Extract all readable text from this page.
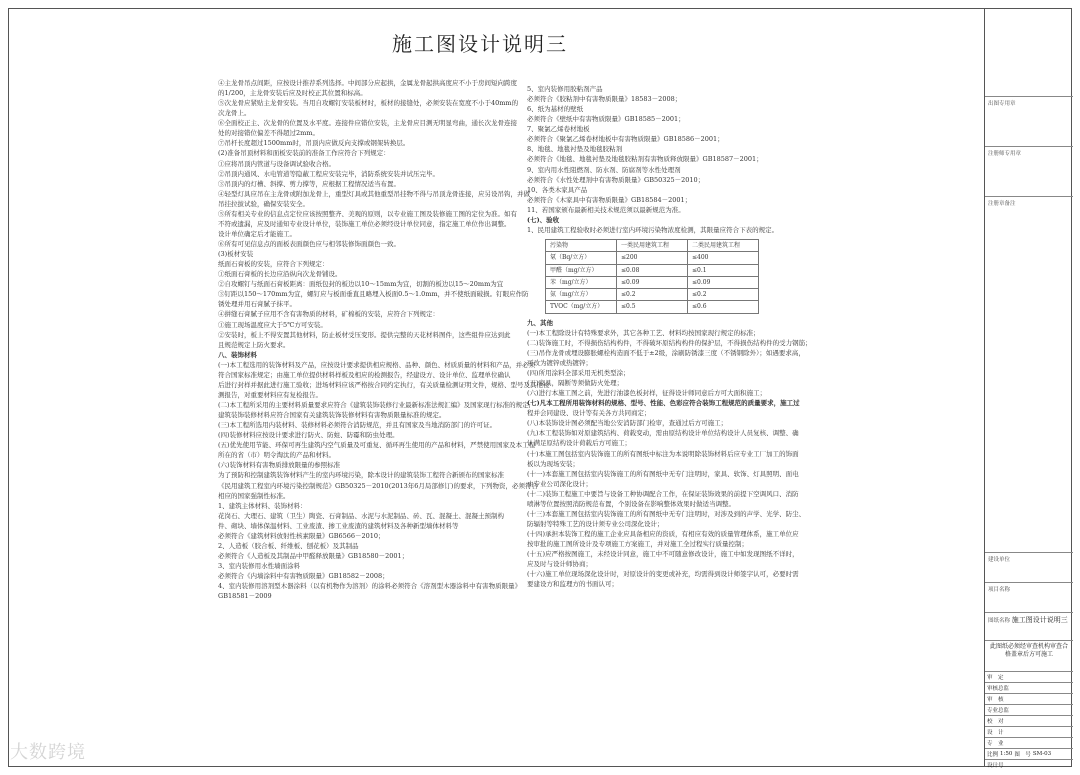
施工图设计说明三

④主龙骨吊点间距，应按设计推荐系列选择。中间部分应起拱，金属龙骨起拱高度应不小于房间短向跨度

的1/200，主龙骨安装后应及时校正其位置和标高。

⑤次龙骨应紧贴主龙骨安装。当用自攻螺钉安装板材时，板材的接缝处，必须安装在宽度不小于40mm的

次龙骨上。

⑥全面校正主、次龙骨的位置及水平度。连接件应错位安装，主龙骨应目测无明显弯曲，通长次龙骨连接

处的对接错位偏差不得超过2mm。

⑦吊杆长度超过1500mm时，吊顶内应做反向支撑或钢架转换层。

(2)准备吊顶材料和面板安装前的准备工作应符合下列规定：

①应将吊顶内管道与设备调试验收合格。

②吊顶内通风、水电管道等隐蔽工程应安装完毕，消防系统安装并试压完毕。

③吊顶内的灯槽、斜撑、剪力撑等，应根据工程情况适当布置。

④轻型灯具应吊在主龙骨或附加龙骨上，重型灯具或其他重型吊挂物不得与吊顶龙骨连接，应另设吊钩，并做

吊挂拉拔试验，确保安装安全。

⑤所有相关专业的信息点定位应该按照整齐、美观的原则，以专业施工图及装修施工图的定位为准。如有

不符或遗漏，应及时通知专业设计单位，装饰施工单位必须经设计单位同意，指定施工单位作出调整。

设计单位确定后才能施工。

⑥所有可见信息点的面板表面颜色应与相邻装修饰面颜色一致。

(3)板材安装

纸面石膏板的安装，应符合下列规定：

①纸面石膏板的长边应沿纵向次龙骨铺设。

②自攻螺钉与纸面石膏板距离：面纸包封的板边以10～15mm为宜，切割的板边以15～20mm为宜

③钉距以150～170mm为宜，螺钉应与板面垂直且略埋入板面0.5～1.0mm，并不使纸面破损。钉眼应作防

锈处理并用石膏腻子抹平。

④拼缝石膏腻子应用不含有害物质的材料，矿棉板的安装，应符合下列规定：

①施工现场温度应大于5℃方可安装。

②安装时，板上不得安置其他材料，防止板材受压变形。提供完整的天花材料图件，这些组件应达到此

且规范规定上防火要求。

八、装饰材料

(一)本工程选用的装饰材料及产品，应按设计要求提供相应规格、品种、颜色、材质质量的材料和产品，并必须

符合国家标准规定；由施工单位提供材料样板及相应的检测报告，经建设方、设计单位、监理单位确认

后进行封样并据此进行施工验收；进场材料应该严格按合同约定执行，有关质量检测证明文件，规格、型号及其他检

测报告，对重要材料应有复检报告。

(二)本工程所采用的主要材料质量要求应符合《建筑装饰装修行业最新标准法规汇编》及国家现行标准的规定;

建筑装饰装修材料应符合国家有关建筑装饰装修材料有害物质限量标准的规定。

(三)本工程所选用内装材料、装修材料必须符合消防规范，并且有国家及当地消防部门的许可证。

(四)装修材料应按设计要求进行防火、防蛀、防霉和防虫处理。

(五)优先使用节能、环保可再生建筑内空气质量及可重复、循环再生使用的产品和材料，严禁使用国家及本工程

所在的省（市）明令淘汰的产品和材料。

(六)装饰材料有害物质排放限量的参照标准

为了预防和控制建筑装饰材料产生的室内环境污染，除本设计的建筑装饰工程符合新颁布的国家标准

《民用建筑工程室内环境污染控制规范》GB50325－2010(2013年6月局部修订)的要求，下列物资，必须符合

相应的国家强制性标准。

1、建筑主体材料、装饰材料：

花岗石、大理石、建筑（卫生）陶瓷、石膏制品、水泥与水泥制品、砖、瓦、混凝土、混凝土预制构

件、砌块、墙体保温材料、工业废渣、掺工业废渣的建筑材料及各种新型墙体材料等

必须符合《建筑材料放射性核素限量》GB6566－2010；

2、人造板（胶合板、纤维板、刨花板）及其制品

必须符合《人造板及其制品中甲醛释放限量》GB18580－2001；

3、室内装修用水性墙面涂料

必须符合《内墙涂料中有害物质限量》GB18582－2008；

4、室内装修用溶剂型木器涂料（以有机物作为溶剂）的涂料必须符合《溶剂型木器涂料中有害物质限量》

GB18581－2009

5、室内装修用胶粘剂产品

必须符合《胶粘剂中有害物质限量》18583－2008；

6、纸为基材的壁纸

必须符合《壁纸中有害物质限量》GB18585－2001；

7、聚氯乙烯卷材地板

必须符合《聚氯乙烯卷材地板中有害物质限量》GB18586－2001；

8、地毯、地毯衬垫及地毯胶粘剂

必须符合《地毯、地毯衬垫及地毯胶粘剂有害物质释放限量》GB18587－2001；

9、室内用水性阻燃剂、防水剂、防腐剂等水性处理剂

必须符合《水性处理剂中有害物质限量》GB50325－2010；

10、各类木家具产品

必须符合《木家具中有害物质限量》GB18584－2001；

11、若国家颁布最新相关技术规范须以最新规范为准。

(七)、验收

1、民用建筑工程验收时必须进行室内环境污染物浓度检测，其限量应符合下表的规定。

污染物	一类民用建筑工程	二类民用建筑工程
氡（Bq/立方）	≤200	≤400
甲醛（mg/立方）	≤0.08	≤0.1
苯（mg/立方）	≤0.09	≤0.09
氨（mg/立方）	≤0.2	≤0.2
TVOC（mg/立方）	≤0.5	≤0.6

九、其他

(一)本工程除设计有特殊要求外，其它各种工艺、材料均按国家现行规定的标准；

(二)装饰施工时，不得损伤结构构件，不得破坏原结构构件的保护层，不得损伤结构件的受力钢筋；

(三)吊作龙骨或埋设膨胀螺栓构造面不低于±2级，涂刷防锈漆三度（不锈钢除外）；如遇要求高，

可改为镀锌或热镀锌；

(四)所用涂料全部采用无机类型涂；

(五)家具，隔断等须做防火处理；

(六)进行本施工图之前，先进行油漆色板封样，征得设计师同意后方可大面积施工；

(七)凡本工程所用装饰材料的规格、型号、性能、色彩应符合装饰工程规范的质量要求，施工过

程并会同建设、设计等有关各方共同商定；

(八)本装饰设计图必须配当地公安消防部门检审，查通过后方可施工；

(九)本工程装饰如对原建筑结构、荷载变动，需由原结构设计单位结构设计人员复核、调整、确

认满足原结构设计荷载后方可施工；

(十)本施工图包括室内装饰施工的所有图纸中标注为本说明除装饰材料后应专业工厂加工的饰面

板以为现场安装；

(十一)本套施工图包括室内装饰施工的所有图纸中无专门注明时，家具、软饰、灯具照明、面电

由专业公司深化设计；

(十二)装饰工程施工中要旨与设备工种协调配合工作，在保证装饰效果的前提下空调风口、消防

喷淋等位置按照消防规范布置，个别设备在影响整体效果时做适当调整。

(十三)本套施工图包括室内装饰施工的所有图纸中无专门注明时，对涉及到的声学、光学、防尘、

防辐射等特殊工艺的设计须专业公司深化设计；

(十四)承担本装饰工程的施工企业应具备相应的资质，有相应有效的质量管理体系，施工单位应

按审批的施工图所设计及专项施工方案施工，并对施工全过程实行质量控制；

(十五)应严格按图施工，未经设计同意，施工中不可随意修改设计，施工中如发现图纸不详时，

应及时与设计师协商；

(十六)施工单位现场深化设计时，对原设计的变更或补充，均需得到设计师签字认可，必要时需

要建设方和监理方的书面认可；

出图专用章
注册师专用章
注册章备注
建设单位
项目名称
图纸名称 施工图设计说明三
此图纸必须经审查机构审查合格盖章后方可施工
审　定
审核总监
审　核
专业总监
校　对
设　计
专　业
比例 1:50 图　号 SM-03
设计号
大数跨境
